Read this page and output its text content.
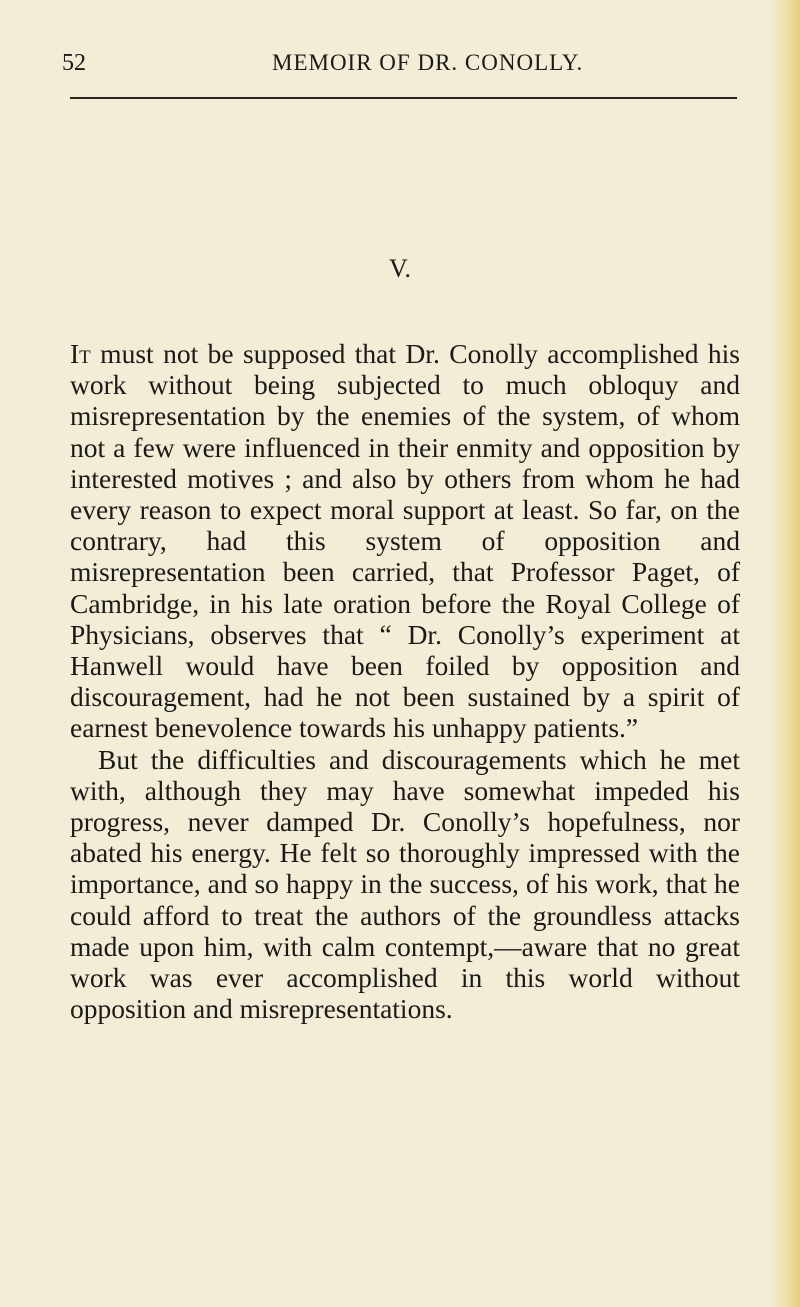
52	MEMOIR OF DR. CONOLLY.
V.

It must not be supposed that Dr. Conolly accomplished his work without being subjected to much obloquy and misrepresentation by the enemies of the system, of whom not a few were influenced in their enmity and opposition by interested motives ; and also by others from whom he had every reason to expect moral support at least. So far, on the contrary, had this system of opposition and misrepresentation been carried, that Professor Paget, of Cambridge, in his late oration before the Royal College of Physicians, observes that “ Dr. Conolly’s experiment at Hanwell would have been foiled by opposition and discouragement, had he not been sustained by a spirit of earnest benevolence towards his unhappy patients.”

But the difficulties and discouragements which he met with, although they may have somewhat impeded his progress, never damped Dr. Conolly’s hopefulness, nor abated his energy. He felt so thoroughly impressed with the importance, and so happy in the success, of his work, that he could afford to treat the authors of the groundless attacks made upon him, with calm contempt,—aware that no great work was ever accomplished in this world without opposition and misrepresentations.
